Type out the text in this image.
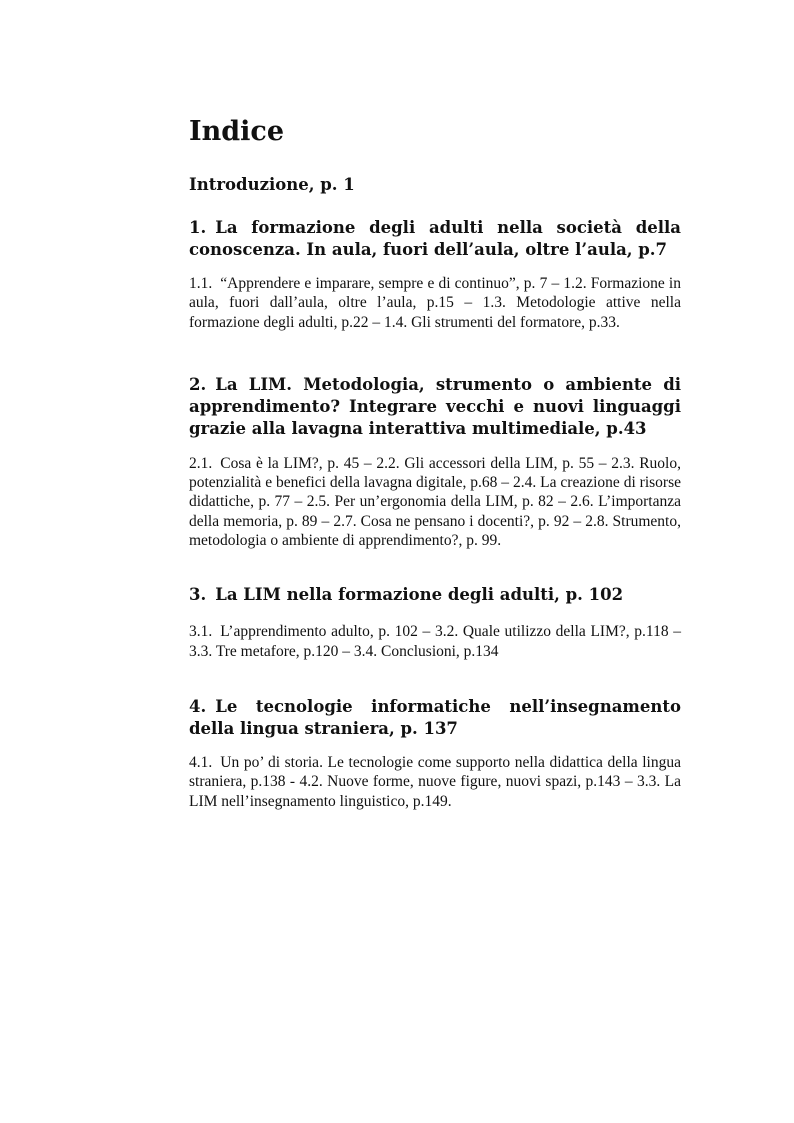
Indice
Introduzione, p. 1
1. La formazione degli adulti nella società della conoscenza. In aula, fuori dell’aula, oltre l’aula, p.7
1.1. “Apprendere e imparare, sempre e di continuo”, p. 7 – 1.2. Formazione in aula, fuori dall’aula, oltre l’aula, p.15 – 1.3. Metodologie attive nella formazione degli adulti, p.22 – 1.4. Gli strumenti del formatore, p.33.
2. La LIM. Metodologia, strumento o ambiente di apprendimento? Integrare vecchi e nuovi linguaggi grazie alla lavagna interattiva multimediale, p.43
2.1. Cosa è la LIM?, p. 45 – 2.2. Gli accessori della LIM, p. 55 – 2.3. Ruolo, potenzialità e benefici della lavagna digitale, p.68 – 2.4. La creazione di risorse didattiche, p. 77 – 2.5. Per un’ergonomia della LIM, p. 82 – 2.6. L’importanza della memoria, p. 89 – 2.7. Cosa ne pensano i docenti?, p. 92 – 2.8. Strumento, metodologia o ambiente di apprendimento?, p. 99.
3. La LIM nella formazione degli adulti, p. 102
3.1. L’apprendimento adulto, p. 102 – 3.2. Quale utilizzo della LIM?, p.118 – 3.3. Tre metafore, p.120 – 3.4. Conclusioni, p.134
4. Le tecnologie informatiche nell’insegnamento della lingua straniera, p. 137
4.1. Un po’ di storia. Le tecnologie come supporto nella didattica della lingua straniera, p.138 - 4.2. Nuove forme, nuove figure, nuovi spazi, p.143 – 3.3. La LIM nell’insegnamento linguistico, p.149.
